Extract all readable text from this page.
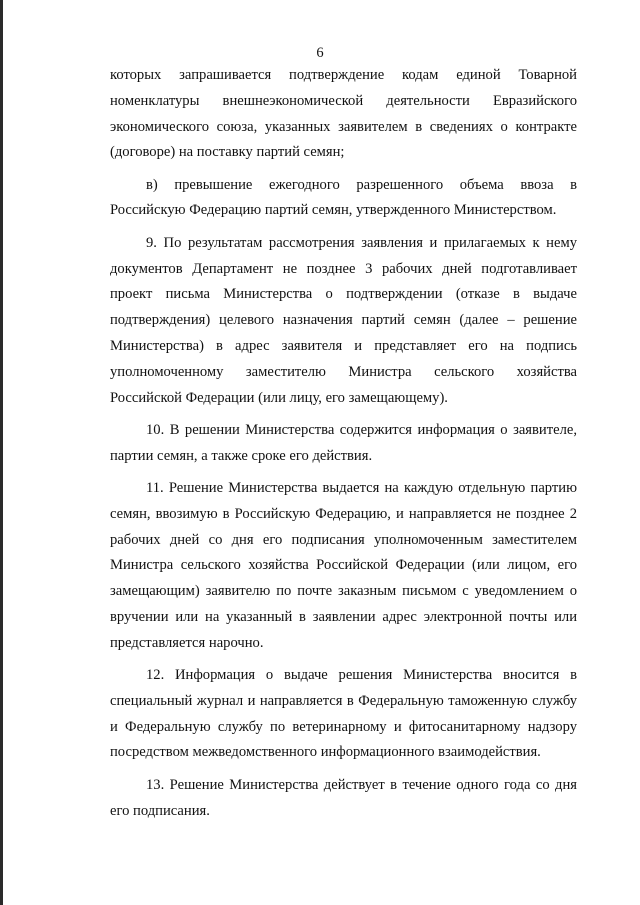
6

которых запрашивается подтверждение кодам единой Товарной номенклатуры внешнеэкономической деятельности Евразийского экономического союза, указанных заявителем в сведениях о контракте (договоре) на поставку партий семян;

в) превышение ежегодного разрешенного объема ввоза в Российскую Федерацию партий семян, утвержденного Министерством.

9. По результатам рассмотрения заявления и прилагаемых к нему документов Департамент не позднее 3 рабочих дней подготавливает проект письма Министерства о подтверждении (отказе в выдаче подтверждения) целевого назначения партий семян (далее – решение Министерства) в адрес заявителя и представляет его на подпись уполномоченному заместителю Министра сельского хозяйства Российской Федерации (или лицу, его замещающему).

10. В решении Министерства содержится информация о заявителе, партии семян, а также сроке его действия.

11. Решение Министерства выдается на каждую отдельную партию семян, ввозимую в Российскую Федерацию, и направляется не позднее 2 рабочих дней со дня его подписания уполномоченным заместителем Министра сельского хозяйства Российской Федерации (или лицом, его замещающим) заявителю по почте заказным письмом с уведомлением о вручении или на указанный в заявлении адрес электронной почты или представляется нарочно.

12. Информация о выдаче решения Министерства вносится в специальный журнал и направляется в Федеральную таможенную службу и Федеральную службу по ветеринарному и фитосанитарному надзору посредством межведомственного информационного взаимодействия.

13. Решение Министерства действует в течение одного года со дня его подписания.
